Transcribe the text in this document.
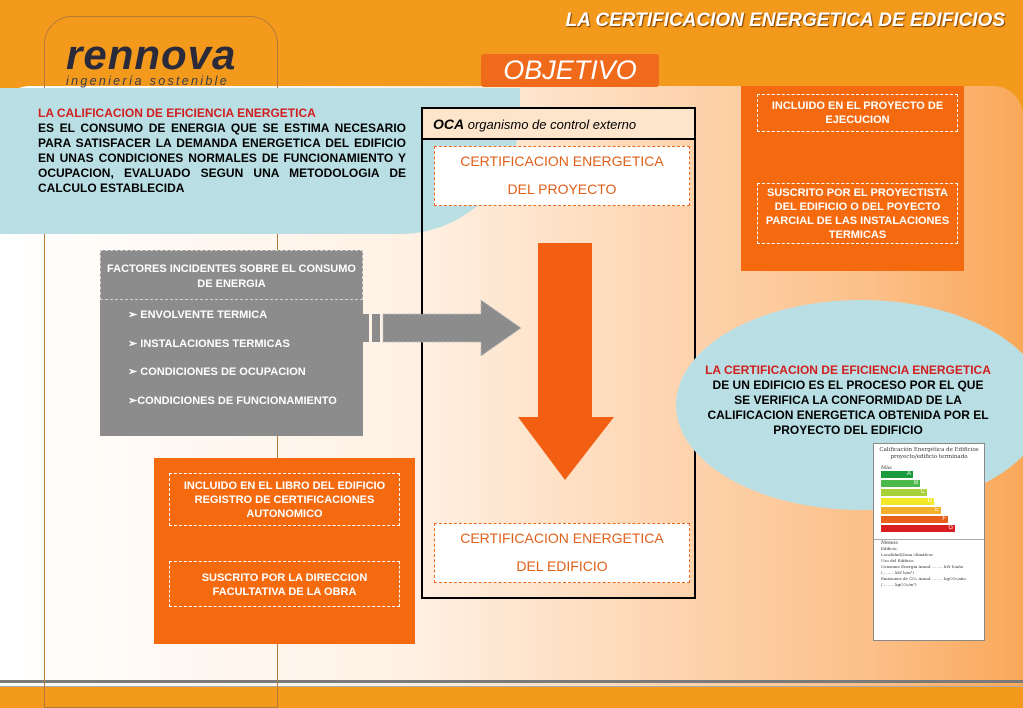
rennova
ingeniería sostenible
LA CERTIFICACION ENERGETICA DE EDIFICIOS
OBJETIVO
LA CALIFICACION DE EFICIENCIA ENERGETICA
ES EL CONSUMO DE ENERGIA QUE SE ESTIMA NECESARIO PARA SATISFACER LA DEMANDA ENERGETICA DEL EDIFICIO EN UNAS CONDICIONES NORMALES DE FUNCIONAMIENTO Y OCUPACION, EVALUADO SEGUN UNA METODOLOGIA DE CALCULO ESTABLECIDA
OCA organismo de control externo
CERTIFICACION ENERGETICA
DEL PROYECTO
CERTIFICACION ENERGETICA
DEL EDIFICIO
➢ ENVOLVENTE TERMICA
➢ INSTALACIONES TERMICAS
➢ CONDICIONES DE OCUPACION
➢CONDICIONES DE FUNCIONAMIENTO
FACTORES INCIDENTES SOBRE EL CONSUMO DE ENERGIA
INCLUIDO EN EL LIBRO DEL EDIFICIO REGISTRO DE CERTIFICACIONES AUTONOMICO
SUSCRITO POR LA DIRECCION FACULTATIVA DE LA OBRA
INCLUIDO EN EL PROYECTO DE EJECUCION
SUSCRITO POR EL PROYECTISTA DEL EDIFICIO O DEL POYECTO PARCIAL DE LAS INSTALACIONES TERMICAS
LA CERTIFICACION DE EFICIENCIA ENERGETICA
DE UN EDIFICIO ES EL PROCESO POR EL QUE SE VERIFICA LA CONFORMIDAD DE LA CALIFICACION ENERGETICA OBTENIDA POR EL PROYECTO DEL EDIFICIO
Calificación Energética de Edificios
proyecto/edificio terminado
Más
A
B
C
D
E
F
G
Menos
Edificio:
Localidad/Zona climática:
Uso del Edificio:
Consumo Energía Anual: ........ kW h/año
(......... kW h/m²)
Emisiones de CO₂ Anual: ........ kgCO₂/año
(......... kgCO₂/m²)
